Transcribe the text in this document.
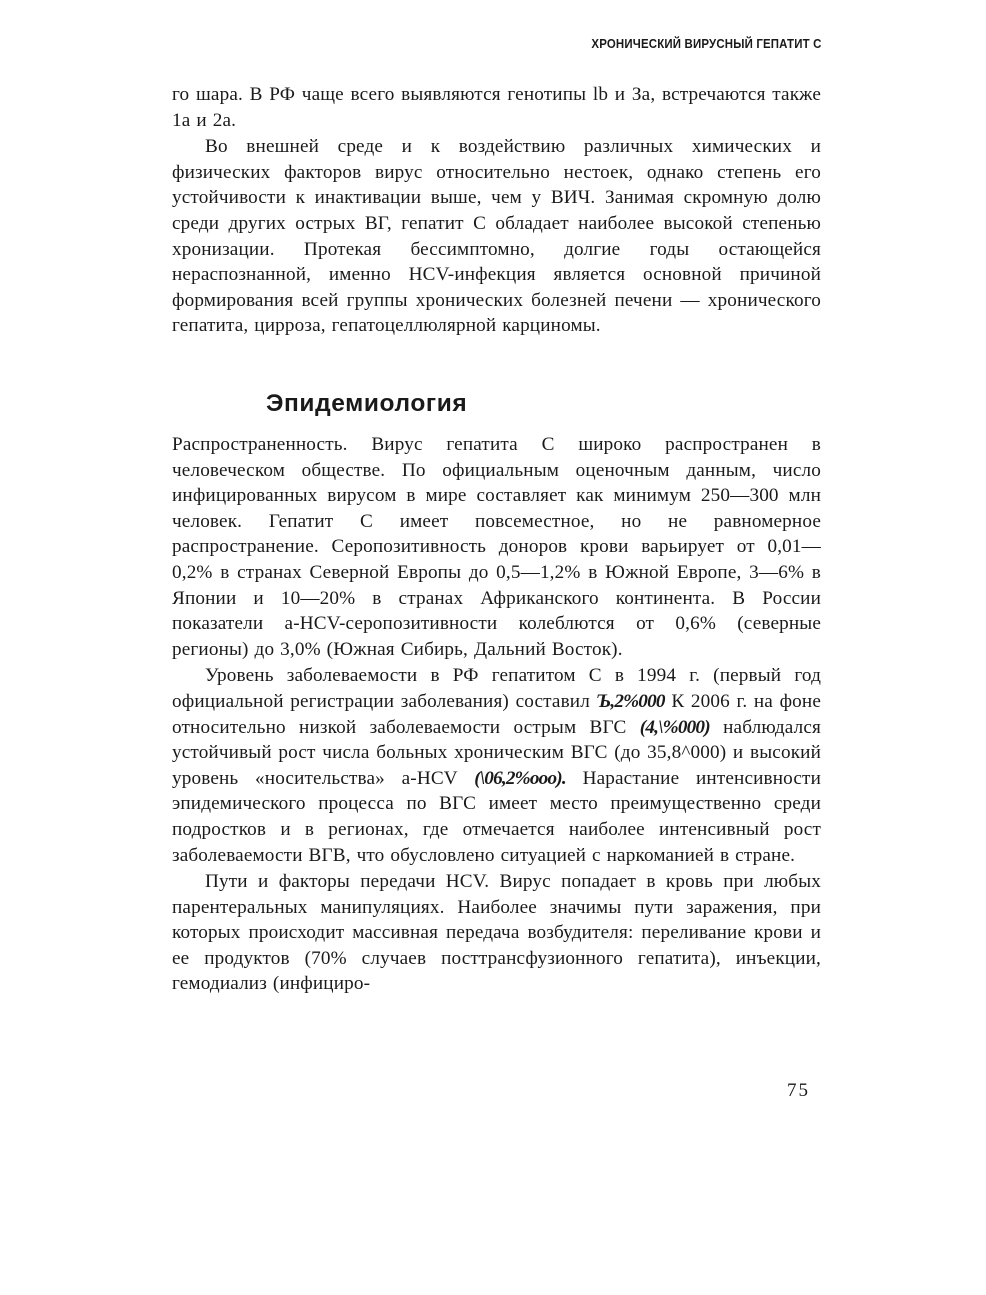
ХРОНИЧЕСКИЙ ВИРУСНЫЙ ГЕПАТИТ С

го шара. В РФ чаще всего выявляются генотипы lb и За, встречаются также 1а и 2а.

Во внешней среде и к воздействию различных химических и физических факторов вирус относительно нестоек, однако степень его устойчивости к инактивации выше, чем у ВИЧ. Занимая скромную долю среди других острых ВГ, гепатит С обладает наиболее высокой степенью хронизации. Протекая бессимптомно, долгие годы остающейся нераспознанной, именно HCV-инфекция является основной причиной формирования всей группы хронических болезней печени — хронического гепатита, цирроза, гепатоцеллюлярной карциномы.

Эпидемиология

Распространенность. Вирус гепатита С широко распространен в человеческом обществе. По официальным оценочным данным, число инфицированных вирусом в мире составляет как минимум 250—300 млн человек. Гепатит С имеет повсеместное, но не равномерное распространение. Серопозитивность доноров крови варьирует от 0,01—0,2% в странах Северной Европы до 0,5—1,2% в Южной Европе, 3—6% в Японии и 10—20% в странах Африканского континента. В России показатели a-HCV-серопозитивности колеблются от 0,6% (северные регионы) до 3,0% (Южная Сибирь, Дальний Восток).

Уровень заболеваемости в РФ гепатитом С в 1994 г. (первый год официальной регистрации заболевания) составил Ъ,2%000 К 2006 г. на фоне относительно низкой заболеваемости острым ВГС (4,\%000) наблюдался устойчивый рост числа больных хроническим ВГС (до 35,8^000) и высокий уровень «носительства» a-HCV (\06,2%ooo). Нарастание интенсивности эпидемического процесса по ВГС имеет место преимущественно среди подростков и в регионах, где отмечается наиболее интенсивный рост заболеваемости ВГВ, что обусловлено ситуацией с наркоманией в стране.

Пути и факторы передачи HCV. Вирус попадает в кровь при любых парентеральных манипуляциях. Наиболее значимы пути заражения, при которых происходит массивная передача возбудителя: переливание крови и ее продуктов (70% случаев посттрансфузионного гепатита), инъекции, гемодиализ (инфициро-

75
